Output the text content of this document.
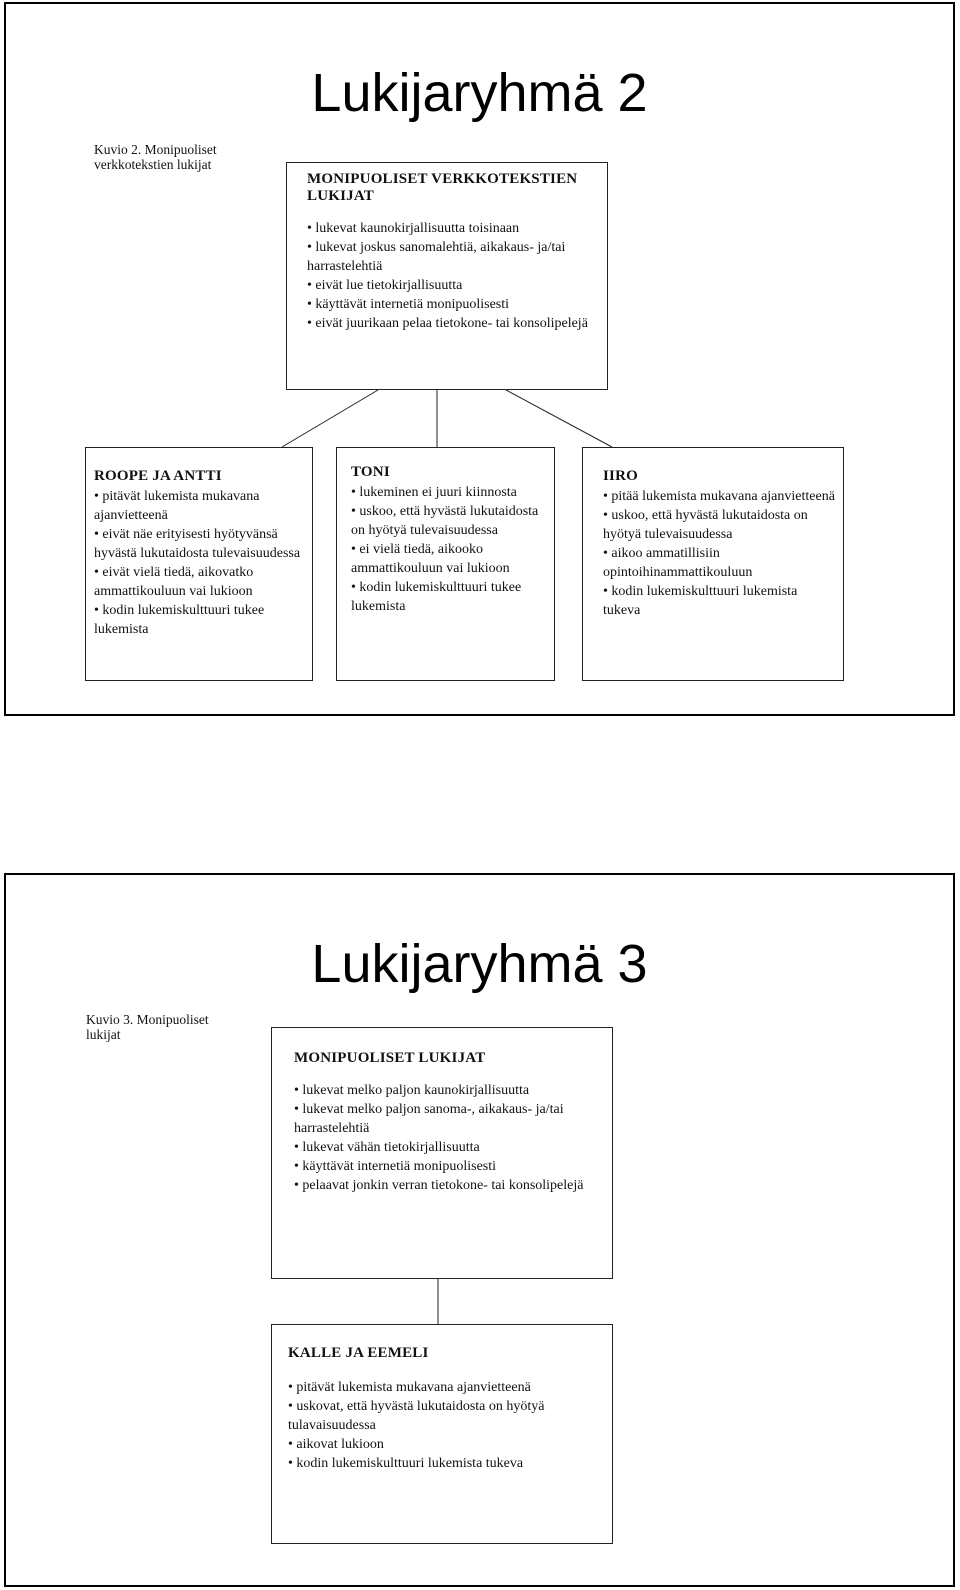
Lukijaryhmä 2
Kuvio 2. Monipuoliset
verkkotekstien lukijat
MONIPUOLISET VERKKOTEKSTIEN
LUKIJAT
• lukevat kaunokirjallisuutta toisinaan
• lukevat joskus sanomalehtiä, aikakaus- ja/tai harrastelehtiä
• eivät lue tietokirjallisuutta
• käyttävät internetiä monipuolisesti
• eivät juurikaan pelaa tietokone- tai konsolipelejä
ROOPE JA ANTTI
• pitävät lukemista mukavana ajanvietteenä
• eivät näe erityisesti hyötyvänsä hyvästä lukutaidosta tulevaisuudessa
• eivät vielä tiedä, aikovatko ammattikouluun vai lukioon
• kodin lukemiskulttuuri tukee lukemista
TONI
• lukeminen ei juuri kiinnosta
• uskoo, että hyvästä lukutaidosta on hyötyä tulevaisuudessa
• ei vielä tiedä, aikooko ammattikouluun vai lukioon
• kodin lukemiskulttuuri tukee lukemista
IIRO
• pitää lukemista mukavana ajanvietteenä
• uskoo, että hyvästä lukutaidosta on hyötyä tulevaisuudessa
• aikoo ammatillisiin opintoihinammattikouluun
• kodin lukemiskulttuuri lukemista tukeva
Lukijaryhmä 3
Kuvio 3. Monipuoliset
lukijat
MONIPUOLISET LUKIJAT
• lukevat melko paljon kaunokirjallisuutta
• lukevat melko paljon sanoma-, aikakaus- ja/tai harrastelehtiä
• lukevat vähän tietokirjallisuutta
• käyttävät internetiä monipuolisesti
• pelaavat jonkin verran tietokone- tai konsolipelejä
KALLE JA EEMELI
• pitävät lukemista mukavana ajanvietteenä
• uskovat, että hyvästä lukutaidosta on hyötyä tulavaisuudessa
• aikovat lukioon
• kodin lukemiskulttuuri lukemista tukeva
